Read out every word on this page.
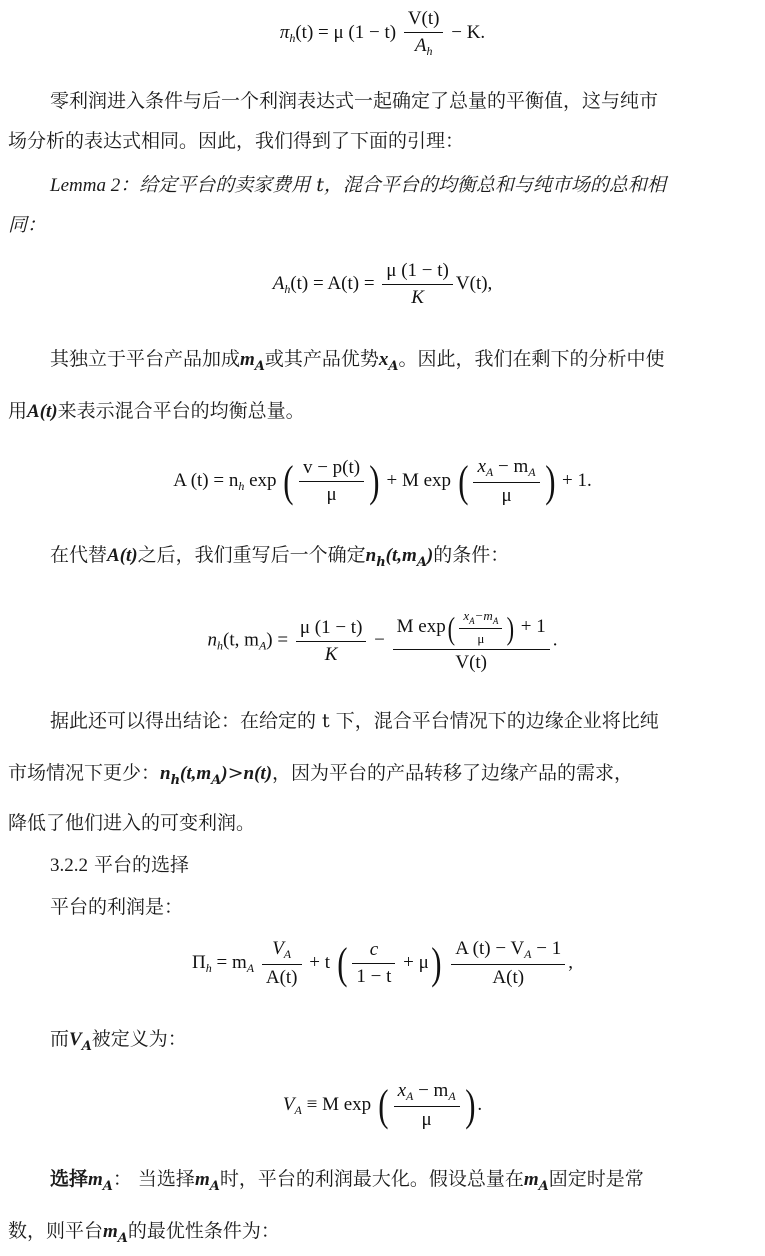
$\pi_h(t) = \mu$ $(1 - t) \frac{V(t)}{A_h} - K$.
零利润进入条件与后一个利润表达式一起确定了总量的平衡值，这与纯市
场分析的表达式相同。因此，我们得到了下面的引理：
Lemma 2：给定平台的卖家费用 t，混合平台的均衡总和与纯市场的总和相
同：
$A_h(t) = A(t) = \frac{\mu (1 - t)}{K} V(t)$,
其独立于平台产品加成$m_A$或其产品优势$x_A$。因此，我们在剩下的分析中使
用A(t)来表示混合平台的均衡总量。
A $(t) = n_h$ exp ( $\frac{v - p(t)}{\mu}$ ) + M exp ( $\frac{x_A - m_A}{\mu}$ ) + 1.
在代替A(t)之后，我们重写后一个确定$n_h(t,m_A)$的条件：
$n_h(t$, $m_A) = \frac{\mu (1 - t)}{K} - \frac{M \exp( \frac{x_A-m_A}{\mu} ) + 1}{V(t)}$ .
据此还可以得出结论：在给定的 t 下，混合平台情况下的边缘企业将比纯
市场情况下更少：$n_h(t,m_A)>n(t)$，因为平台的产品转移了边缘产品的需求，
降低了他们进入的可变利润。
3.2.2 平台的选择
平台的利润是：
$\Pi_h = m_A \frac{V_A}{A(t)} + t$ ( $\frac{c}{1 - t} + \mu) \frac{A (t) - V_A - 1}{A(t)}$ ,
而$V_A$被定义为：
$V_A \equiv M$ exp ( $\frac{x_A - m_A}{\mu}$ ) .
选择$m_A$： 当选择$m_A$时，平台的利润最大化。假设总量在$m_A$固定时是常
数，则平台$m_A$的最优性条件为：
